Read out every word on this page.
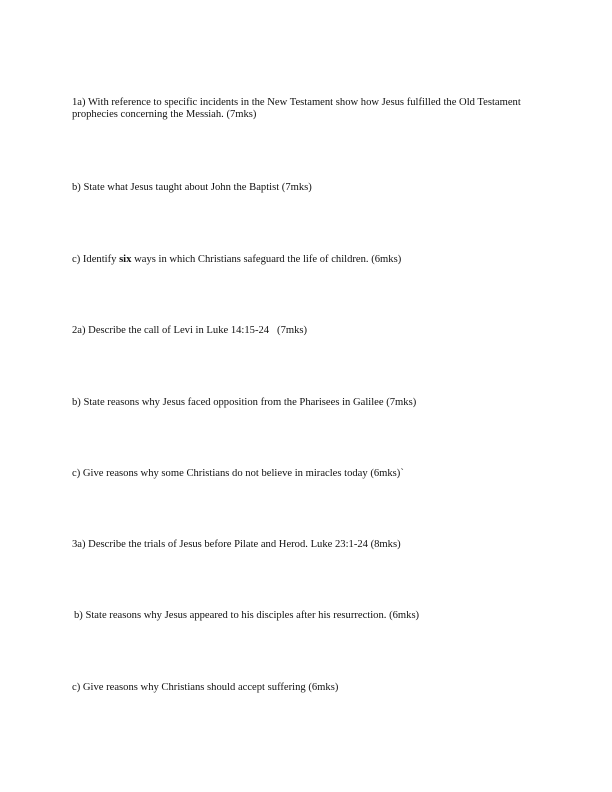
1a) With reference to specific incidents in the New Testament show how Jesus fulfilled the Old Testament prophecies concerning the Messiah. (7mks)

b) State what Jesus taught about John the Baptist (7mks)

c) Identify six ways in which Christians safeguard the life of children. (6mks)

2a) Describe the call of Levi in Luke 14:15-24   (7mks)

b) State reasons why Jesus faced opposition from the Pharisees in Galilee (7mks)

c) Give reasons why some Christians do not believe in miracles today (6mks)`

3a) Describe the trials of Jesus before Pilate and Herod. Luke 23:1-24 (8mks)

b) State reasons why Jesus appeared to his disciples after his resurrection. (6mks)

c) Give reasons why Christians should accept suffering (6mks)
